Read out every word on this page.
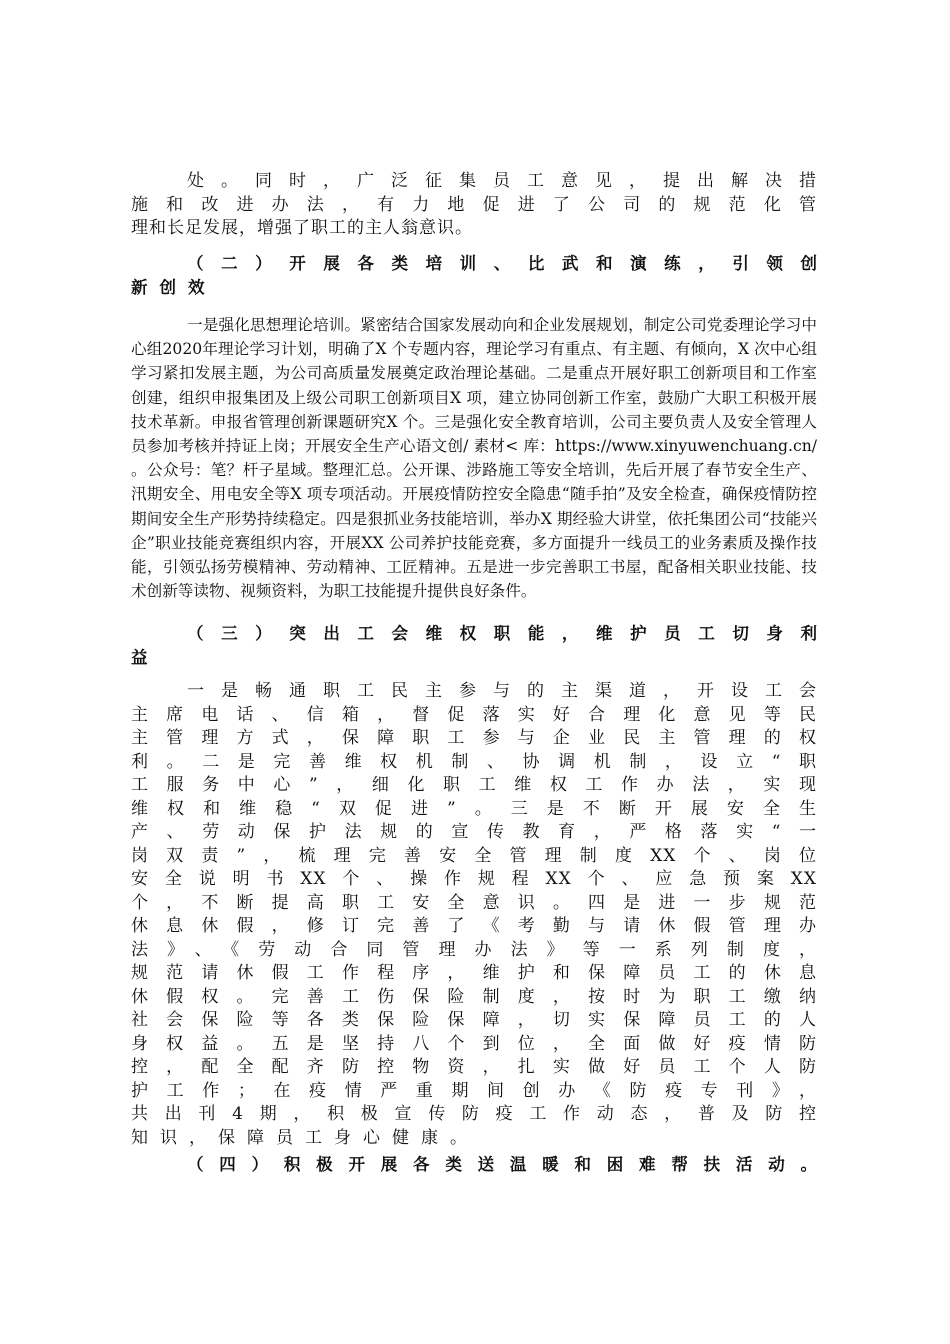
处。同时，广泛征集员工意见，提出解决措
施和改进办法，有力地促进了公司的规范化管
理和长足发展，增强了职工的主人翁意识。
（二）开展各类培训、比武和演练，引领创
新创效
一是强化思想理论培训。紧密结合国家发展动向和企业发展规划，制定公司党委理论学习中心组2020年理论学习计划，明确了X 个专题内容，理论学习有重点、有主题、有倾向，X 次中心组学习紧扣发展主题，为公司高质量发展奠定政治理论基础。二是重点开展好职工创新项目和工作室创建，组织申报集团及上级公司职工创新项目X 项，建立协同创新工作室，鼓励广大职工积极开展技术革新。申报省管理创新课题研究X 个。三是强化安全教育培训，公司主要负责人及安全管理人员参加考核并持证上岗；开展安全生产心语文创/ 素材< 库：https://www.xinyuwenchuang.cn/ 。公众号：笔？杆子星域。整理汇总。公开课、涉路施工等安全培训，先后开展了春节安全生产、汛期安全、用电安全等X 项专项活动。开展疫情防控安全隐患“随手拍”及安全检查，确保疫情防控期间安全生产形势持续稳定。四是狠抓业务技能培训，举办X 期经验大讲堂，依托集团公司“技能兴企”职业技能竞赛组织内容，开展XX 公司养护技能竞赛，多方面提升一线员工的业务素质及操作技能，引领弘扬劳模精神、劳动精神、工匠精神。五是进一步完善职工书屋，配备相关职业技能、技术创新等读物、视频资料，为职工技能提升提供良好条件。
（三）突出工会维权职能，维护员工切身利
益
一是畅通职工民主参与的主渠道，开设工会
主席电话、信箱，督促落实好合理化意见等民
主管理方式，保障职工参与企业民主管理的权
利。二是完善维权机制、协调机制，设立“职
工服务中心”，细化职工维权工作办法，实现
维权和维稳“双促进”。三是不断开展安全生
产、劳动保护法规的宣传教育，严格落实“一
岗双责”，梳理完善安全管理制度XX个、岗位
安全说明书XX个、操作规程XX个、应急预案XX
个，不断提高职工安全意识。四是进一步规范
休息休假，修订完善了《考勤与请休假管理办
法》、《劳动合同管理办法》等一系列制度，
规范请休假工作程序，维护和保障员工的休息
休假权。完善工伤保险制度，按时为职工缴纳
社会保险等各类保险保障，切实保障员工的人
身权益。五是坚持八个到位，全面做好疫情防
控，配全配齐防控物资，扎实做好员工个人防
护工作；在疫情严重期间创办《防疫专刊》，
共出刊4期，积极宣传防疫工作动态，普及防控
知识，保障员工身心健康。
（四）积极开展各类送温暖和困难帮扶活动。
